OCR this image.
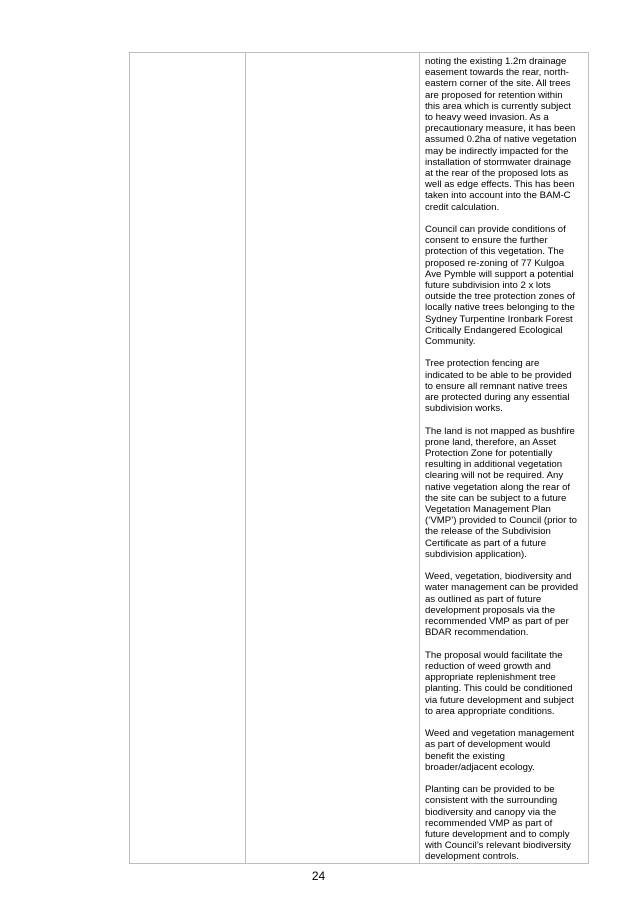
noting the existing 1.2m drainage
easement towards the rear, north-
eastern corner of the site. All trees
are proposed for retention within
this area which is currently subject
to heavy weed invasion. As a
precautionary measure, it has been
assumed 0.2ha of native vegetation
may be indirectly impacted for the
installation of stormwater drainage
at the rear of the proposed lots as
well as edge effects. This has been
taken into account into the BAM-C
credit calculation.

Council can provide conditions of
consent to ensure the further
protection of this vegetation. The
proposed re-zoning of 77 Kulgoa
Ave Pymble will support a potential
future subdivision into 2 x lots
outside the tree protection zones of
locally native trees belonging to the
Sydney Turpentine Ironbark Forest
Critically Endangered Ecological
Community.

Tree protection fencing are
indicated to be able to be provided
to ensure all remnant native trees
are protected during any essential
subdivision works.

The land is not mapped as bushfire
prone land, therefore, an Asset
Protection Zone for potentially
resulting in additional vegetation
clearing will not be required. Any
native vegetation along the rear of
the site can be subject to a future
Vegetation Management Plan
(‘VMP’) provided to Council (prior to
the release of the Subdivision
Certificate as part of a future
subdivision application).

Weed, vegetation, biodiversity and
water management can be provided
as outlined as part of future
development proposals via the
recommended VMP as part of per
BDAR recommendation.

The proposal would facilitate the
reduction of weed growth and
appropriate replenishment tree
planting. This could be conditioned
via future development and subject
to area appropriate conditions.

Weed and vegetation management
as part of development would
benefit the existing
broader/adjacent ecology.

Planting can be provided to be
consistent with the surrounding
biodiversity and canopy via the
recommended VMP as part of
future development and to comply
with Council’s relevant biodiversity
development controls.

24
